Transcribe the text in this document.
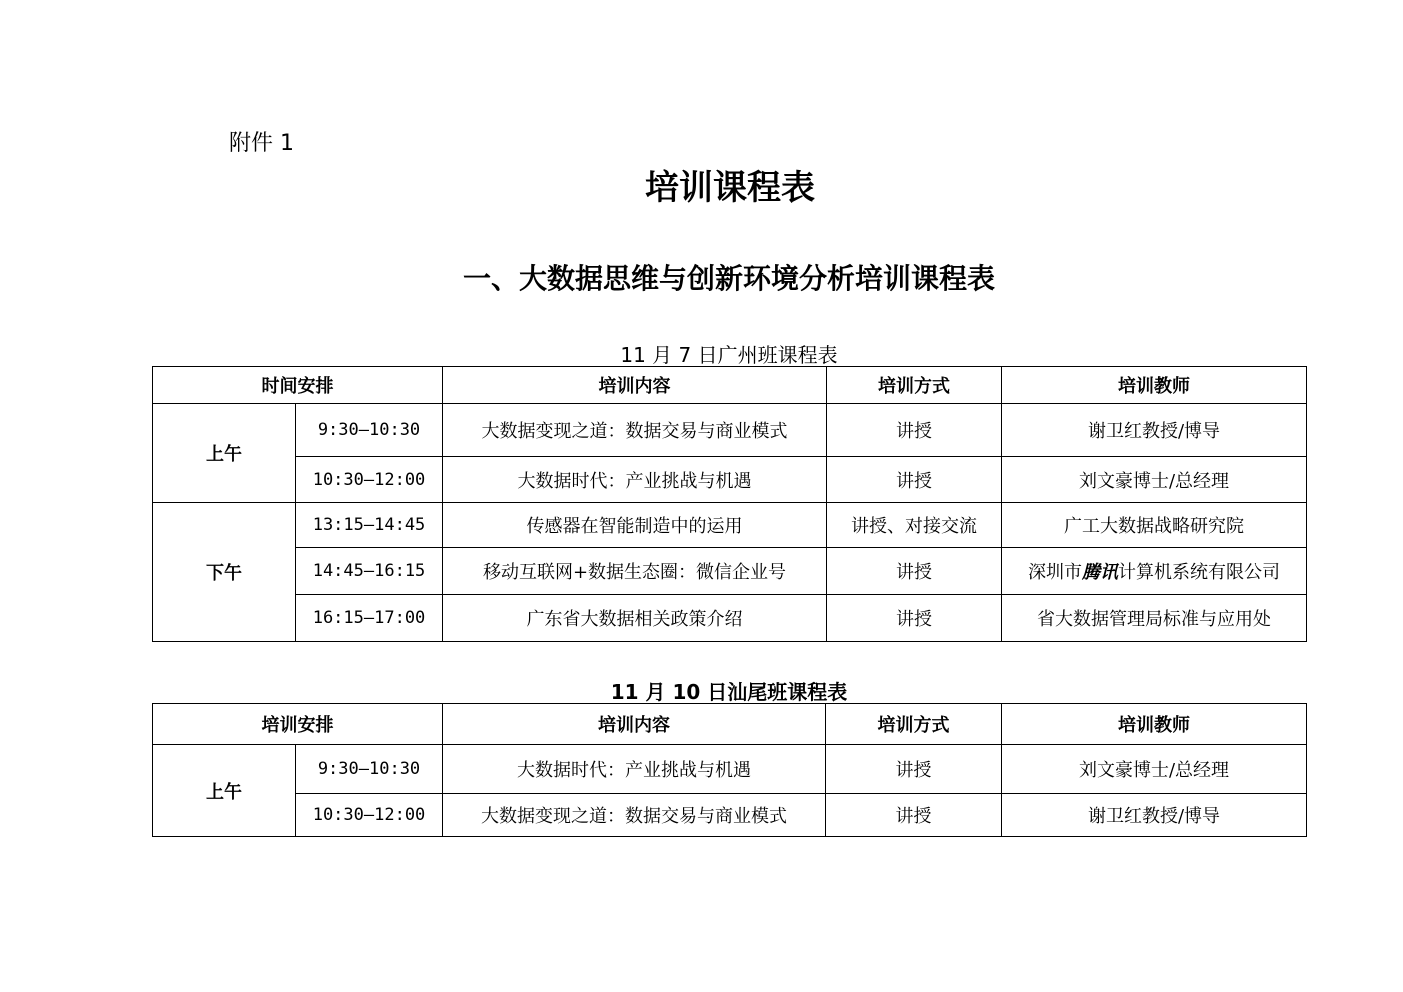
附件 1
培训课程表
一、大数据思维与创新环境分析培训课程表
11 月 7 日广州班课程表
时间安排		培训内容	培训方式	培训教师
上午	9:30—10:30	大数据变现之道：数据交易与商业模式	讲授	谢卫红教授/博导
	10:30—12:00	大数据时代：产业挑战与机遇	讲授	刘文豪博士/总经理
下午	13:15—14:45	传感器在智能制造中的运用	讲授、对接交流	广工大数据战略研究院
	14:45—16:15	移动互联网+数据生态圈：微信企业号	讲授	深圳市腾讯计算机系统有限公司
	16:15—17:00	广东省大数据相关政策介绍	讲授	省大数据管理局标准与应用处
11 月 10 日汕尾班课程表
培训安排		培训内容	培训方式	培训教师
上午	9:30—10:30	大数据时代：产业挑战与机遇	讲授	刘文豪博士/总经理
	10:30—12:00	大数据变现之道：数据交易与商业模式	讲授	谢卫红教授/博导
